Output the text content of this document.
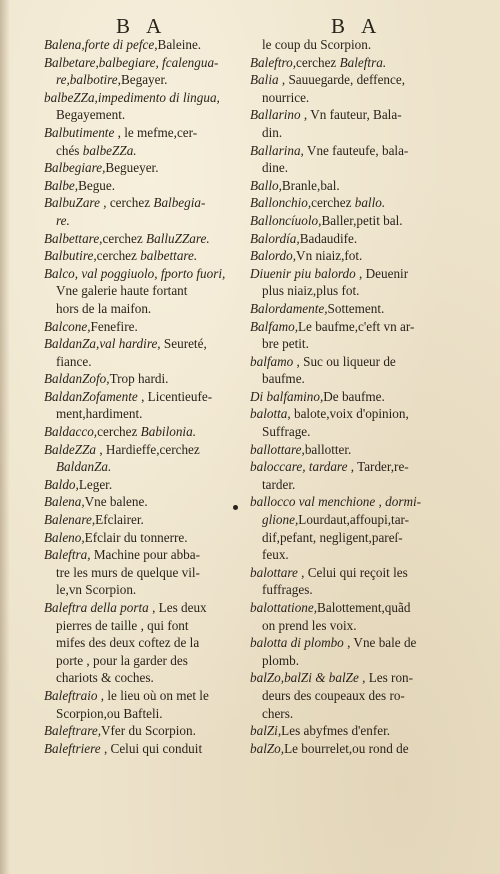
B A	B A
Balena,forte di pefce,Baleine.
Balbetare,balbegiare, fcalengua-
re,balbotire,Begayer.
balbeZZa,impedimento di lingua,
Begayement.
Balbutimente , le mefme,cer-
chés balbeZZa.
Balbegiare,Begueyer.
Balbe,Begue.
BalbuZare , cerchez Balbegia-
re.
Balbettare,cerchez BalluZZare.
Balbutire,cerchez balbettare.
Balco, val poggiuolo, fporto fuori,
Vne galerie haute fortant
hors de la maifon.
Balcone,Fenefire.
BaldanZa,val hardire, Seureté,
fiance.
BaldanZofo,Trop hardi.
BaldanZofamente , Licentieufe-
ment,hardiment.
Baldacco,cerchez Babilonia.
BaldeZZa , Hardieffe,cerchez
BaldanZa.
Baldo,Leger.
Balena,Vne balene.
Balenare,Efclairer.
Baleno,Efclair du tonnerre.
Baleftra, Machine pour abba-
tre les murs de quelque vil-
le,vn Scorpion.
Baleftra della porta , Les deux
pierres de taille , qui font
mifes des deux coftez de la
porte , pour la garder des
chariots & coches.
Baleftraio , le lieu où on met le
Scorpion,ou Bafteli.
Baleftrare,Vfer du Scorpion.
Baleftriere , Celui qui conduit
le coup du Scorpion.
Baleftro,cerchez Baleftra.
Balia , Sauuegarde, deffence,
nourrice.
Ballarino , Vn fauteur, Bala-
din.
Ballarina, Vne fauteufe, bala-
dine.
Ballo,Branle,bal.
Ballonchio,cerchez ballo.
Balloncíuolo,Baller,petit bal.
Balordía,Badaudife.
Balordo,Vn niaiz,fot.
Diuenir piu balordo , Deuenir
plus niaiz,plus fot.
Balordamente,Sottement.
Balfamo,Le baufme,c'eft vn ar-
bre petit.
balfamo , Suc ou liqueur de
baufme.
Di balfamino,De baufme.
balotta, balote,voix d'opinion,
Suffrage.
ballottare,ballotter.
baloccare, tardare , Tarder,re-
tarder.
ballocco val menchione , dormi-
glione,Lourdaut,affoupi,tar-
dif,pefant, negligent,pareſ-
feux.
balottare , Celui qui reçoit les
fuffrages.
balottatione,Balottement,quãd
on prend les voix.
balotta di plombo , Vne bale de
plomb.
balZo,balZi & balZe , Les ron-
deurs des coupeaux des ro-
chers.
balZi,Les abyfmes d'enfer.
balZo,Le bourrelet,ou rond de
